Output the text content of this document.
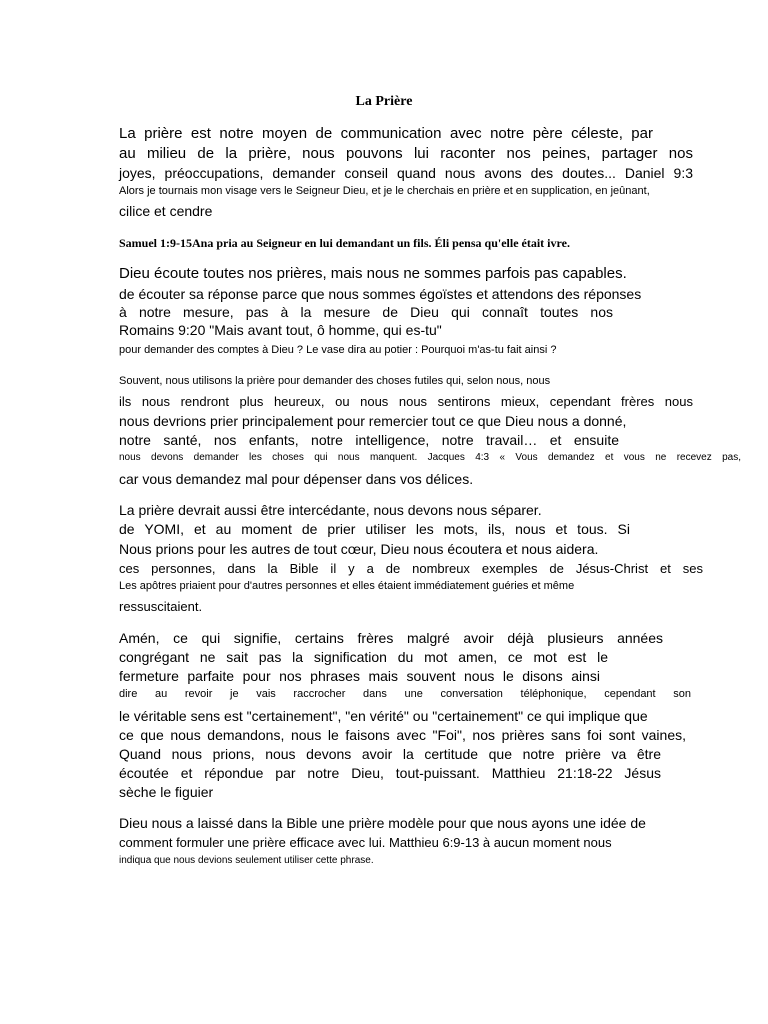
La Prière
La prière est notre moyen de communication avec notre père céleste, par
au milieu de la prière, nous pouvons lui raconter nos peines, partager nos
joyes, préoccupations, demander conseil quand nous avons des doutes... Daniel 9:3
Alors je tournais mon visage vers le Seigneur Dieu, et je le cherchais en prière et en supplication, en jeûnant,
cilice et cendre
Samuel 1:9-15Ana pria au Seigneur en lui demandant un fils. Éli pensa qu'elle était ivre.
Dieu écoute toutes nos prières, mais nous ne sommes parfois pas capables.
de écouter sa réponse parce que nous sommes égoïstes et attendons des réponses
à notre mesure, pas à la mesure de Dieu qui connaît toutes nos
Romains 9:20 "Mais avant tout, ô homme, qui es-tu"
pour demander des comptes à Dieu ? Le vase dira au potier : Pourquoi m'as-tu fait ainsi ?
Souvent, nous utilisons la prière pour demander des choses futiles qui, selon nous, nous
ils nous rendront plus heureux, ou nous nous sentirons mieux, cependant frères nous
nous devrions prier principalement pour remercier tout ce que Dieu nous a donné,
notre santé, nos enfants, notre intelligence, notre travail… et ensuite
nous devons demander les choses qui nous manquent. Jacques 4:3 « Vous demandez et vous ne recevez pas,
car vous demandez mal pour dépenser dans vos délices.
La prière devrait aussi être intercédante, nous devons nous séparer.
de YOMI, et au moment de prier utiliser les mots, ils, nous et tous. Si
Nous prions pour les autres de tout cœur, Dieu nous écoutera et nous aidera.
ces personnes, dans la Bible il y a de nombreux exemples de Jésus-Christ et ses
Les apôtres priaient pour d'autres personnes et elles étaient immédiatement guéries et même
ressuscitaient.
Amén, ce qui signifie, certains frères malgré avoir déjà plusieurs années
congrégant ne sait pas la signification du mot amen, ce mot est le
fermeture parfaite pour nos phrases mais souvent nous le disons ainsi
dire au revoir je vais raccrocher dans une conversation téléphonique, cependant son
le véritable sens est "certainement", "en vérité" ou "certainement" ce qui implique que
ce que nous demandons, nous le faisons avec "Foi", nos prières sans foi sont vaines,
Quand nous prions, nous devons avoir la certitude que notre prière va être
écoutée et répondue par notre Dieu, tout-puissant. Matthieu 21:18-22 Jésus
sèche le figuier
Dieu nous a laissé dans la Bible une prière modèle pour que nous ayons une idée de
comment formuler une prière efficace avec lui. Matthieu 6:9-13 à aucun moment nous
indiqua que nous devions seulement utiliser cette phrase.
